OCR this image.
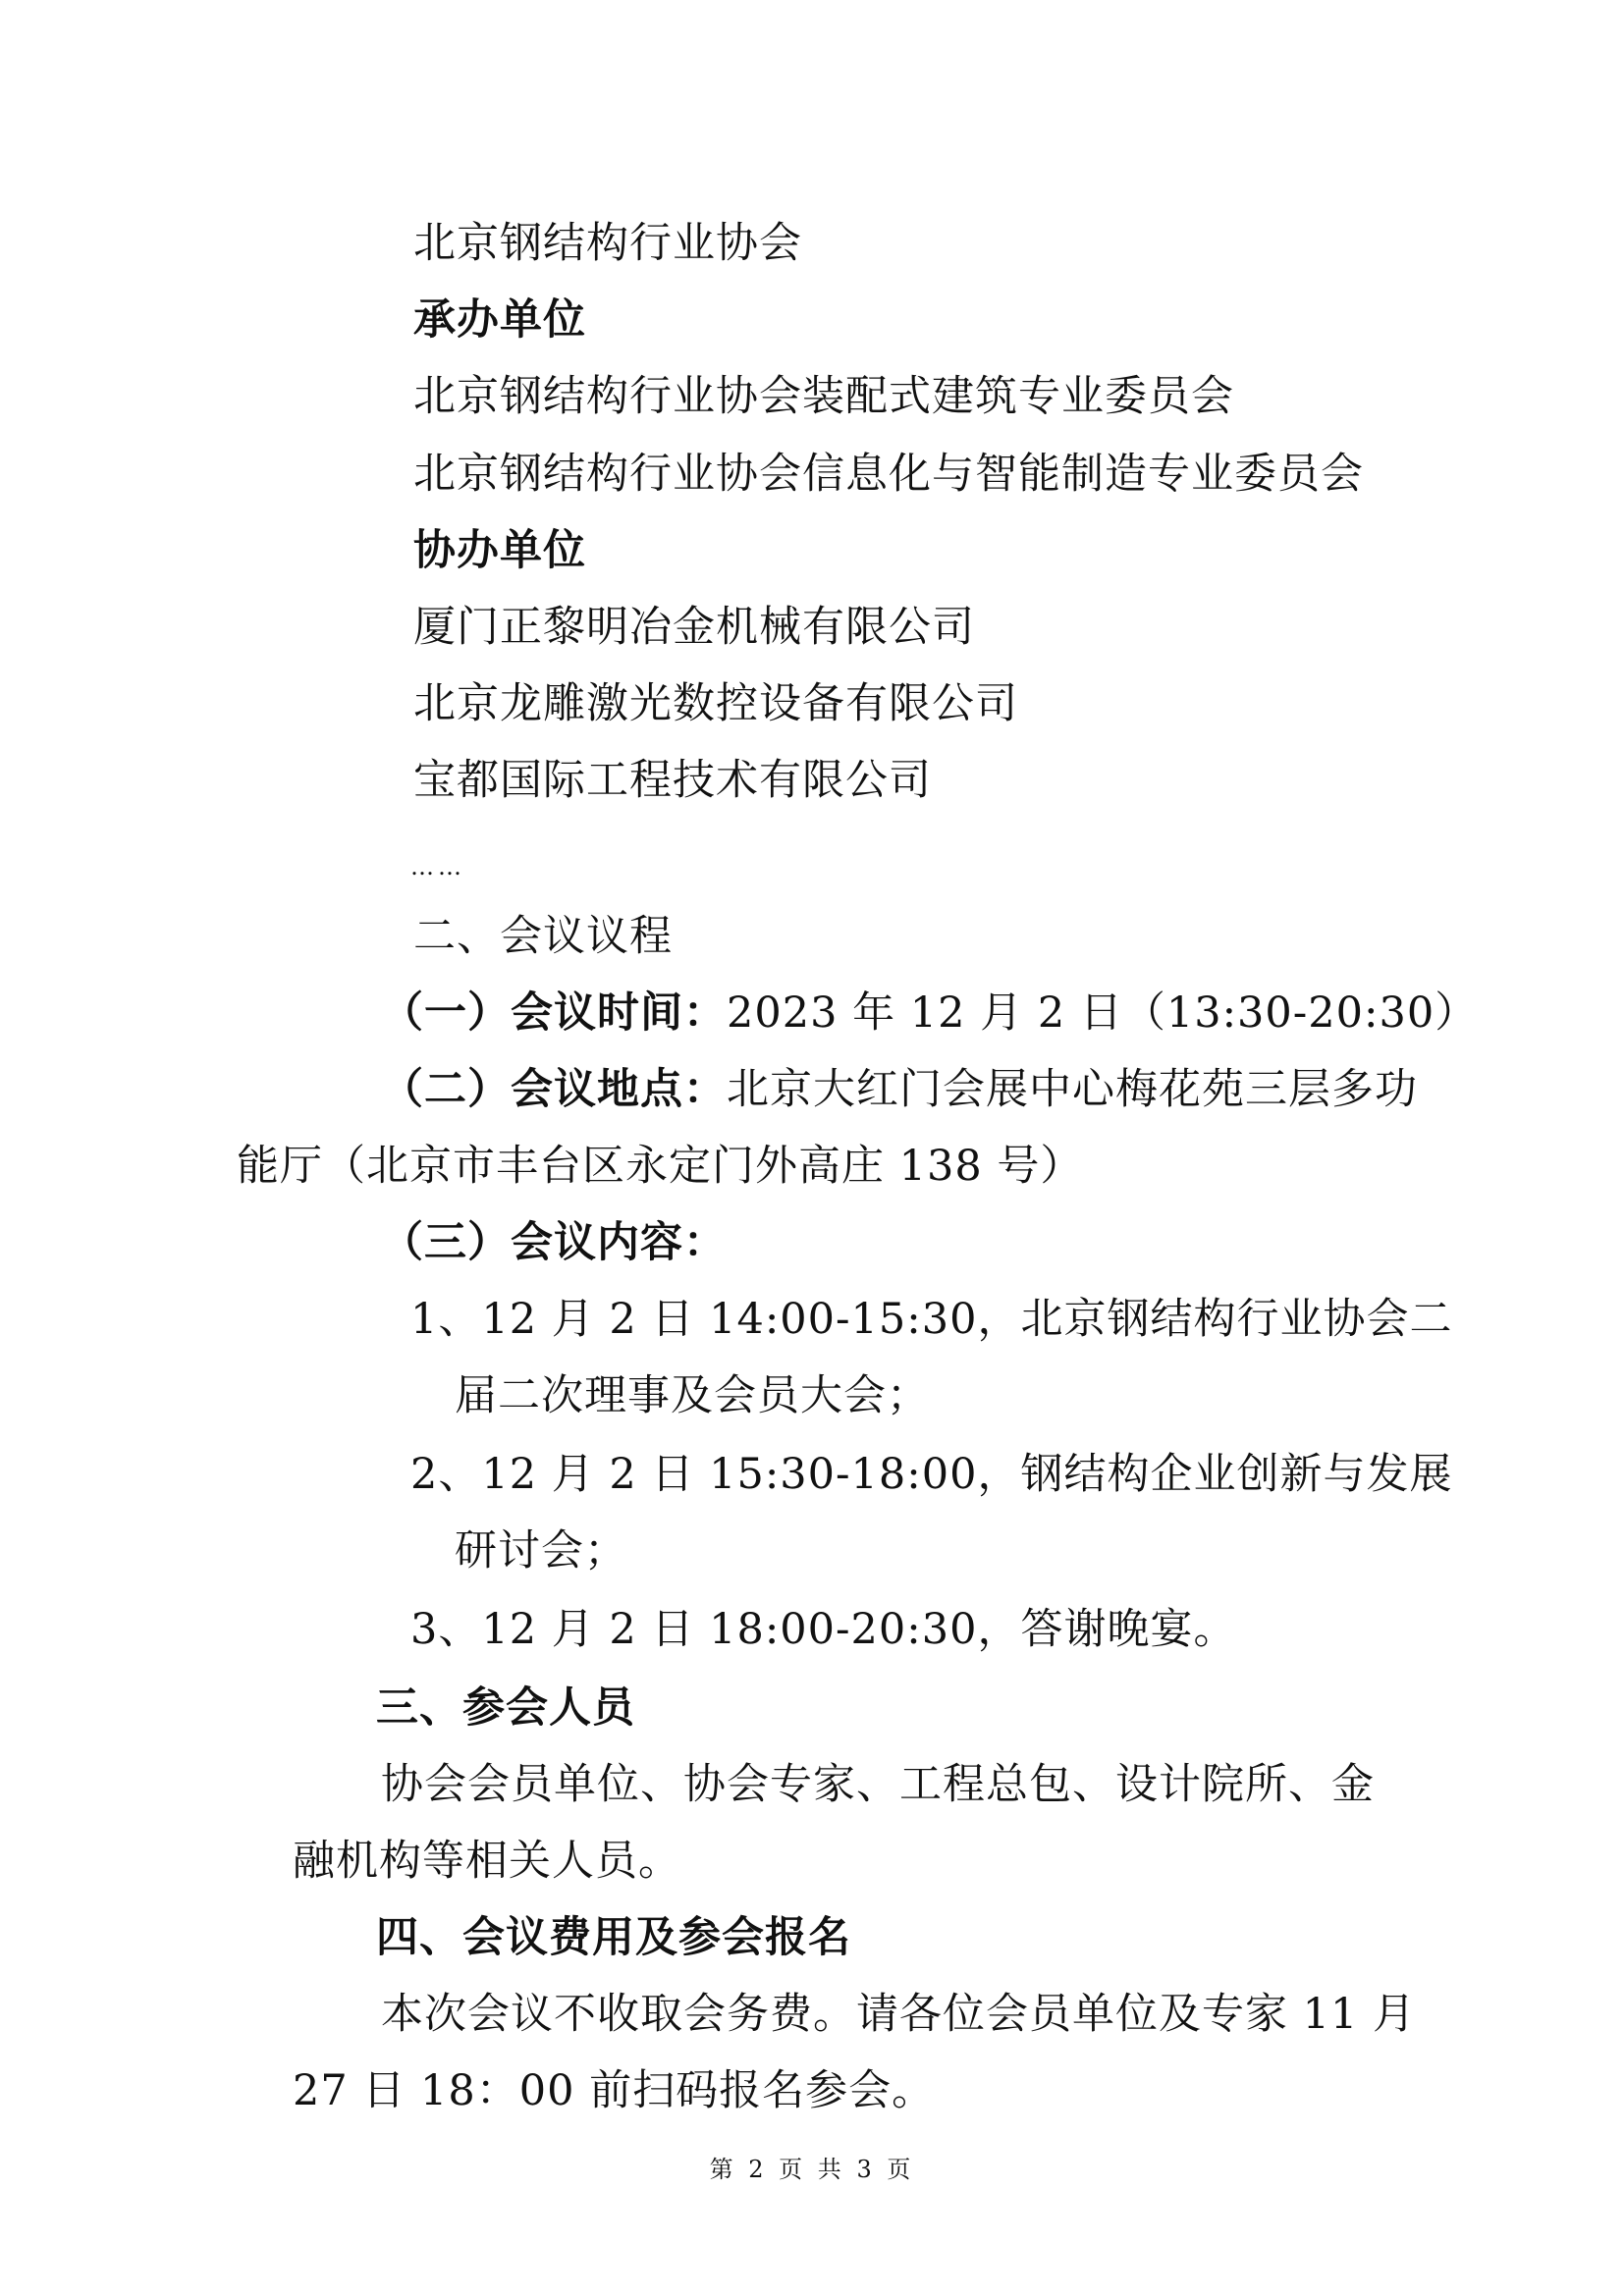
北京钢结构行业协会
承办单位
北京钢结构行业协会装配式建筑专业委员会
北京钢结构行业协会信息化与智能制造专业委员会
协办单位
厦门正黎明冶金机械有限公司
北京龙雕激光数控设备有限公司
宝都国际工程技术有限公司
……
二、会议议程
（一）会议时间：2023 年 12 月 2 日（13:30-20:30）
（二）会议地点：北京大红门会展中心梅花苑三层多功
能厅（北京市丰台区永定门外高庄 138 号）
（三）会议内容：
1、12 月 2 日 14:00-15:30，北京钢结构行业协会二
届二次理事及会员大会；
2、12 月 2 日 15:30-18:00，钢结构企业创新与发展
研讨会；
3、12 月 2 日 18:00-20:30，答谢晚宴。
三、参会人员
协会会员单位、协会专家、工程总包、设计院所、金
融机构等相关人员。
四、会议费用及参会报名
本次会议不收取会务费。请各位会员单位及专家 11 月
27 日 18：00 前扫码报名参会。
第 2 页 共 3 页
